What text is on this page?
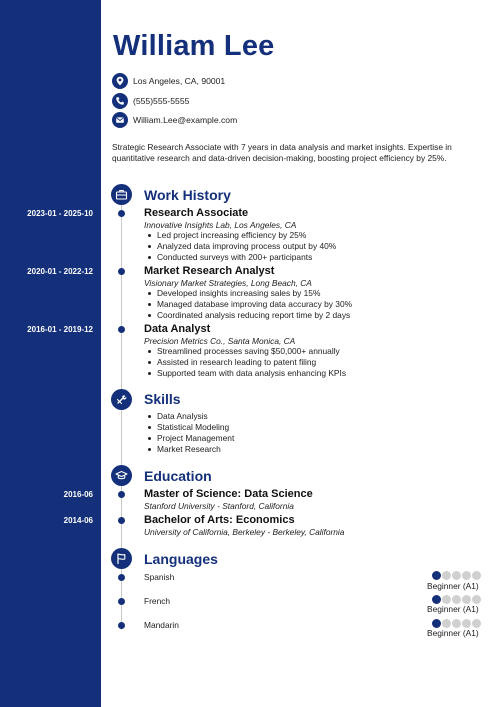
William Lee
Los Angeles, CA, 90001
(555)555-5555
William.Lee@example.com
Strategic Research Associate with 7 years in data analysis and market insights. Expertise in quantitative research and data-driven decision-making, boosting project efficiency by 25%.
Work History
2023-01 - 2025-10	Research Associate
Innovative Insights Lab, Los Angeles, CA
Led project increasing efficiency by 25%
Analyzed data improving process output by 40%
Conducted surveys with 200+ participants
2020-01 - 2022-12	Market Research Analyst
Visionary Market Strategies, Long Beach, CA
Developed insights increasing sales by 15%
Managed database improving data accuracy by 30%
Coordinated analysis reducing report time by 2 days
2016-01 - 2019-12	Data Analyst
Precision Metrics Co., Santa Monica, CA
Streamlined processes saving $50,000+ annually
Assisted in research leading to patent filing
Supported team with data analysis enhancing KPIs
Skills
Data Analysis
Statistical Modeling
Project Management
Market Research
Education
2016-06	Master of Science: Data Science
Stanford University - Stanford, California
2014-06	Bachelor of Arts: Economics
University of California, Berkeley - Berkeley, California
Languages
Spanish
Beginner (A1)
French
Beginner (A1)
Mandarin
Beginner (A1)
